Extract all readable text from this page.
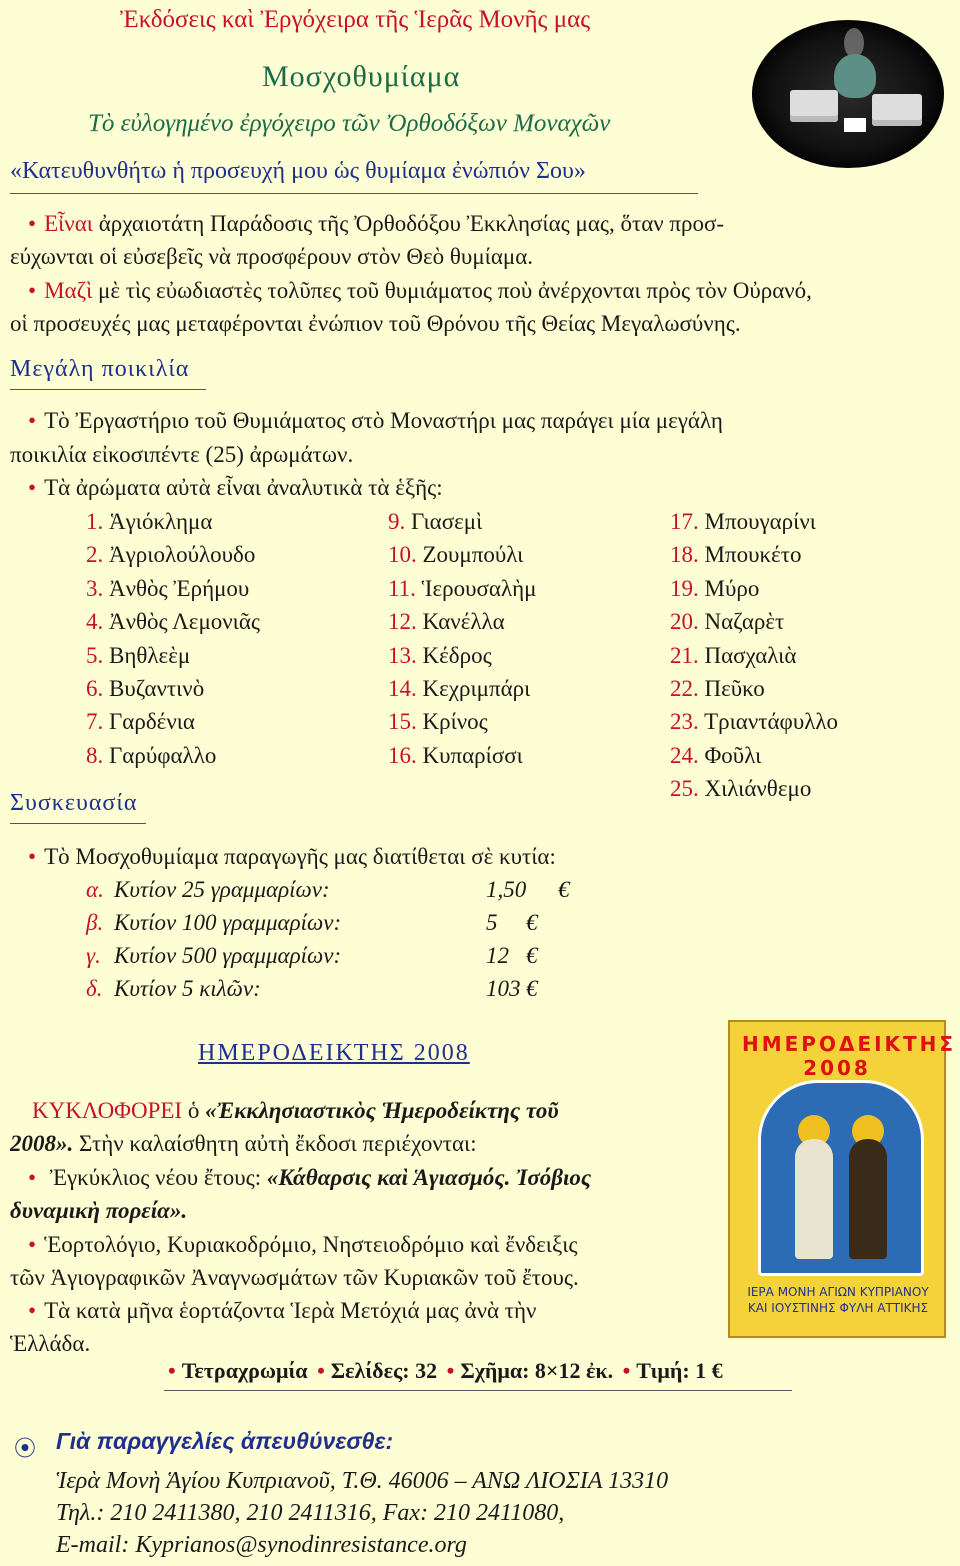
Ἐκδόσεις καὶ Ἐργόχειρα τῆς Ἱερᾶς Μονῆς μας
Μοσχοθυμίαμα
Τὸ εὐλογημένο ἐργόχειρο τῶν Ὀρθοδόξων Μοναχῶν
«Κατευθυνθήτω ἡ προσευχή μου ὡς θυμίαμα ἐνώπιόν Σου»
• Εἶναι ἀρχαιοτάτη Παράδοσις τῆς Ὀρθοδόξου Ἐκκλησίας μας, ὅταν προσ-
εύχωνται οἱ εὐσεβεῖς νὰ προσφέρουν στὸν Θεὸ θυμίαμα.
• Μαζὶ μὲ τὶς εὐωδιαστὲς τολῦπες τοῦ θυμιάματος ποὺ ἀνέρχονται πρὸς τὸν Οὐρανό,
οἱ προσευχές μας μεταφέρονται ἐνώπιον τοῦ Θρόνου τῆς Θείας Μεγαλωσύνης.
Μεγάλη ποικιλία
• Τὸ Ἐργαστήριο τοῦ Θυμιάματος στὸ Μοναστήρι μας παράγει μία μεγάλη
ποικιλία εἰκοσιπέντε (25) ἀρωμάτων.
• Τὰ ἀρώματα αὐτὰ εἶναι ἀναλυτικὰ τὰ ἑξῆς:
1. Ἁγιόκλημα
2. Ἀγριολούλουδο
3. Ἀνθὸς Ἐρήμου
4. Ἀνθὸς Λεμονιᾶς
5. Βηθλεὲμ
6. Βυζαντινὸ
7. Γαρδένια
8. Γαρύφαλλο
9. Γιασεμὶ
10. Ζουμπούλι
11. Ἱερουσαλὴμ
12. Κανέλλα
13. Κέδρος
14. Κεχριμπάρι
15. Κρίνος
16. Κυπαρίσσι
17. Μπουγαρίνι
18. Μπουκέτο
19. Μύρο
20. Ναζαρὲτ
21. Πασχαλιὰ
22. Πεῦκο
23. Τριαντάφυλλο
24. Φοῦλι
25. Χιλιάνθεμο
Συσκευασία
• Τὸ Μοσχοθυμίαμα παραγωγῆς μας διατίθεται σὲ κυτία:
α. Κυτίον 25 γραμμαρίων:	1,50 €
β. Κυτίον 100 γραμμαρίων:	5 €
γ. Κυτίον 500 γραμμαρίων:	12 €
δ. Κυτίον 5 κιλῶν:	103 €
ΗΜΕΡΟΔΕΙΚΤΗΣ 2008
ΚΥΚΛΟΦΟΡΕΙ ὁ «Ἐκκλησιαστικὸς Ἡμεροδείκτης τοῦ
2008». Στὴν καλαίσθητη αὐτὴ ἔκδοσι περιέχονται:
• Ἐγκύκλιος νέου ἔτους: «Κάθαρσις καὶ Ἁγιασμός. Ἰσόβιος
δυναμικὴ πορεία».
• Ἑορτολόγιο, Κυριακοδρόμιο, Νηστειοδρόμιο καὶ ἔνδειξις
τῶν Ἁγιογραφικῶν Ἀναγνωσμάτων τῶν Κυριακῶν τοῦ ἔτους.
• Τὰ κατὰ μῆνα ἑορτάζοντα Ἱερὰ Μετόχιά μας ἀνὰ τὴν
Ἑλλάδα.
ΗΜΕΡΟΔΕΙΚΤΗΣ 2008
ΙΕΡΑ ΜΟΝΗ ΑΓΙΩΝ ΚΥΠΡΙΑΝΟΥ ΚΑΙ ΙΟΥΣΤΙΝΗΣ ΦΥΛΗ ΑΤΤΙΚΗΣ
• Τετραχρωμία • Σελίδες: 32 • Σχῆμα: 8×12 ἐκ. • Τιμή: 1 €
⦿ Γιὰ παραγγελίες ἀπευθύνεσθε:
Ἱερὰ Μονὴ Ἁγίου Κυπριανοῦ, Τ.Θ. 46006 – ΑΝΩ ΛΙΟΣΙΑ 13310
Τηλ.: 210 2411380, 210 2411316, Fax: 210 2411080,
E-mail: Kyprianos@synodinresistance.org
